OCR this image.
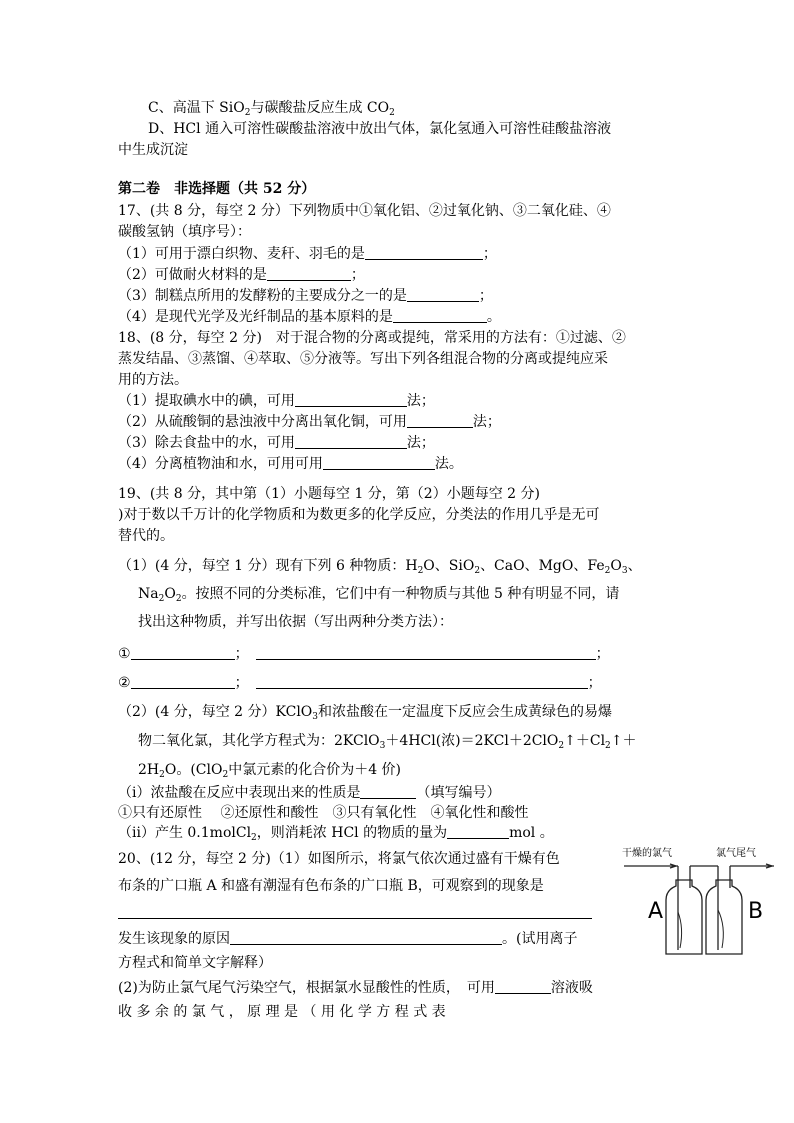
C、高温下 SiO$_2$与碳酸盐反应生成 $CO_2$
D、HCl 通入可溶性碳酸盐溶液中放出气体，氯化氢通入可溶性硅酸盐溶液
中生成沉淀
第二卷　非选择题（共 52 分）
17、(共 8 分，每空 2 分）下列物质中①氧化铝、②过氧化钠、③二氧化硅、④
碳酸氢钠（填序号）：
（1）可用于漂白织物、麦秆、羽毛的是	；
（2）可做耐火材料的是	；
（3）制糕点所用的发酵粉的主要成分之一的是	；
（4）是现代光学及光纤制品的基本原料的是	。
18、(8 分，每空 2 分)　对于混合物的分离或提纯，常采用的方法有：①过滤、②
蒸发结晶、③蒸馏、④萃取、⑤分液等。写出下列各组混合物的分离或提纯应采
用的方法。
（1）提取碘水中的碘，可用	法；
（2）从硫酸铜的悬浊液中分离出氧化铜，可用	法；
（3）除去食盐中的水，可用	法；
（4）分离植物油和水，可用可用	法。
19、(共 8 分，其中第（1）小题每空 1 分，第（2）小题每空 2 分)
)对于数以千万计的化学物质和为数更多的化学反应，分类法的作用几乎是无可
替代的。
（1）(4 分，每空 1 分）现有下列 6 种物质：$H_2O$、SiO$_2$、CaO、MgO、$Fe_2O_3$、
$Na_2O_2$。按照不同的分类标准，它们中有一种物质与其他 5 种有明显不同，请
找出这种物质，并写出依据（写出两种分类方法）：
①	；　	；
②	；　	；
（2）(4 分，每空 2 分）KClO$_3$和浓盐酸在一定温度下反应会生成黄绿色的易爆
物二氧化氯，其化学方程式为：2KClO$_3$＋4HCl(浓)$=2KCl+2ClO_2↑+Cl_2↑+$
$2H_2O$。(ClO$_2$中氯元素的化合价为＋4 价)
（i）浓盐酸在反应中表现出来的性质是	（填写编号）
①只有还原性　 ②还原性和酸性　③只有氧化性　④氧化性和酸性
（ii）产生 0.1molCl$_2$，则消耗浓 HCl 的物质的量为	mol 。
20、(12 分，每空 2 分)（1）如图所示，将氯气依次通过盛有干燥有色
布条的广口瓶 A 和盛有潮湿有色布条的广口瓶 B，可观察到的现象是
发生该现象的原因	。(试用离子
方程式和简单文字解释）
(2)为防止氯气尾气污染空气，根据氯水显酸性的性质，　可用	溶液吸
收 多 余 的 氯 气 ， 原 理 是 （ 用 化 学 方 程 式 表
干燥的氯气	氯气尾气
A	B
